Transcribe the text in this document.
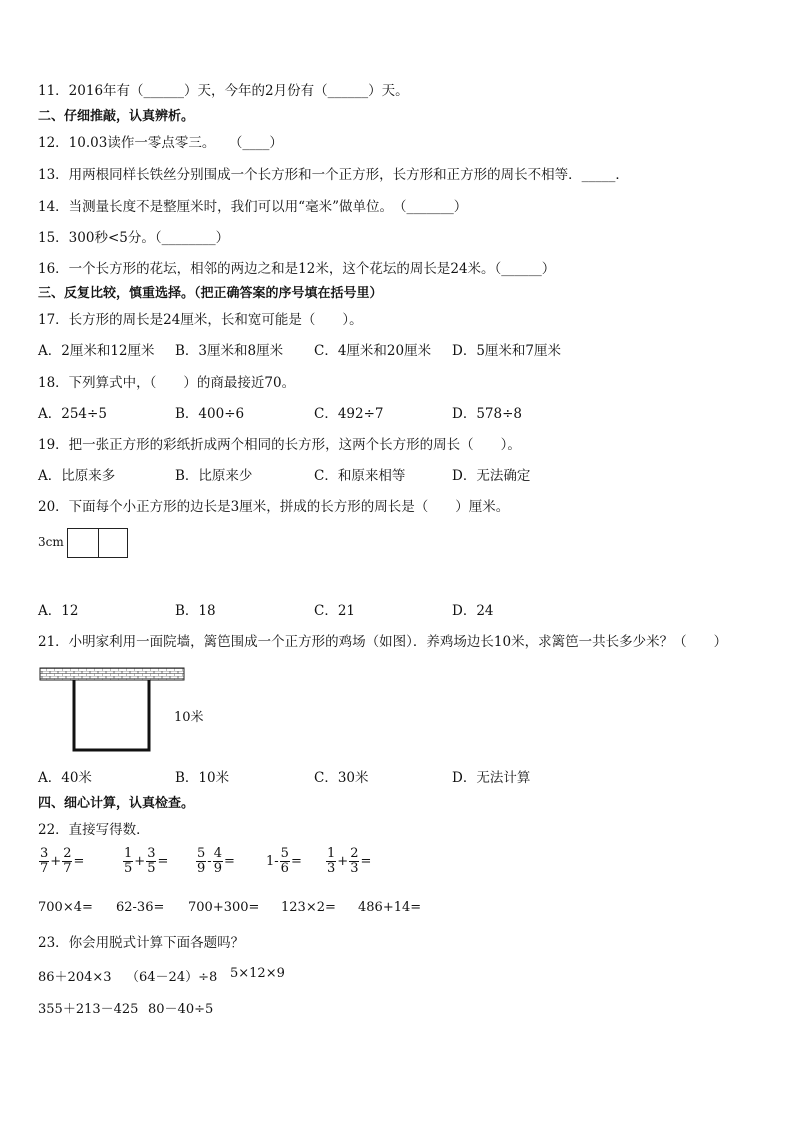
11．2016年有（______）天，今年的2月份有（______）天。
二、仔细推敲，认真辨析。
12．10.03读作一零点零三。　　（____）
13．用两根同样长铁丝分别围成一个长方形和一个正方形，长方形和正方形的周长不相等．_____．
14．当测量长度不是整厘米时，我们可以用“毫米”做单位。　（_______）
15．300秒<5分。（________）
16．一个长方形的花坛，相邻的两边之和是12米，这个花坛的周长是24米。（______）
三、反复比较，慎重选择。（把正确答案的序号填在括号里）
17．长方形的周长是24厘米，长和宽可能是（　　）。
A．2厘米和12厘米 B．3厘米和8厘米 C．4厘米和20厘米 D．5厘米和7厘米
18．下列算式中，（　　）的商最接近70。
A．254÷5	B．400÷6	C．492÷7	D．578÷8
19．把一张正方形的彩纸折成两个相同的长方形，这两个长方形的周长（　　）。
A．比原来多	B．比原来少	C．和原来相等	D．无法确定
20．下面每个小正方形的边长是3厘米，拼成的长方形的周长是（　　）厘米。
3cm
A．12	B．18	C．21	D．24
21．小明家利用一面院墙，篱笆围成一个正方形的鸡场（如图）．养鸡场边长10米，求篱笆一共长多少米？（　　）
10米
A．40米	B．10米	C．30米	D．无法计算
四、细心计算，认真检查。
22．直接写得数．
$\frac{3}{7} + \frac{2}{7}$ =	$\frac{1}{5} + \frac{3}{5} = \frac{5}{9} - \frac{4}{9} = 1- \frac{5}{6} = \frac{1}{3} + \frac{2}{3}$ =
700×4= 62-36= 700+300= 123×2= 486+14=
23．你会用脱式计算下面各题吗？
86＋204×3 （64－24）÷8 5×12×9
355＋213－425 80－40÷5
